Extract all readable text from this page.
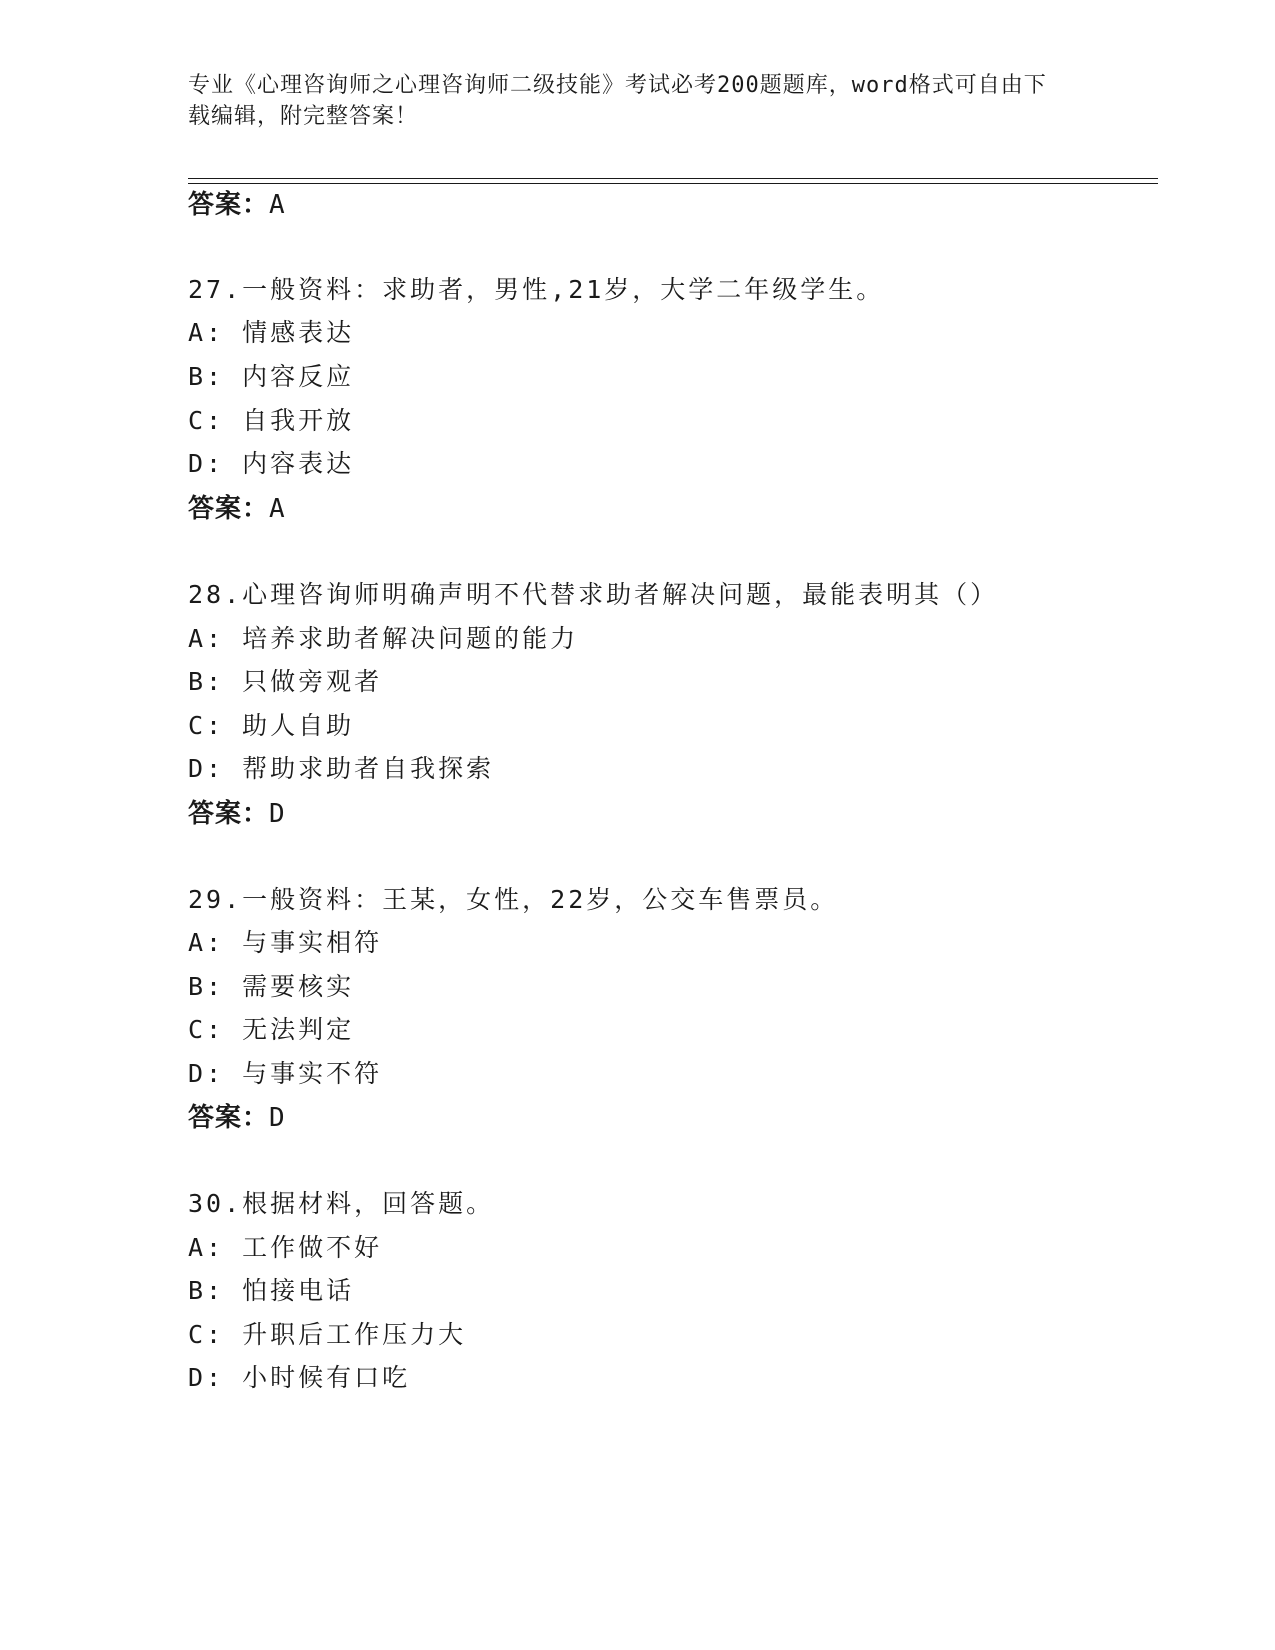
专业《心理咨询师之心理咨询师二级技能》考试必考200题题库，word格式可自由下载编辑，附完整答案！

答案：A
27.一般资料：求助者，男性,21岁，大学二年级学生。
A: 情感表达
B: 内容反应
C: 自我开放
D: 内容表达
答案：A
28.心理咨询师明确声明不代替求助者解决问题，最能表明其（）
A: 培养求助者解决问题的能力
B: 只做旁观者
C: 助人自助
D: 帮助求助者自我探索
答案：D
29.一般资料：王某，女性，22岁，公交车售票员。
A: 与事实相符
B: 需要核实
C: 无法判定
D: 与事实不符
答案：D
30.根据材料，回答题。
A: 工作做不好
B: 怕接电话
C: 升职后工作压力大
D: 小时候有口吃
